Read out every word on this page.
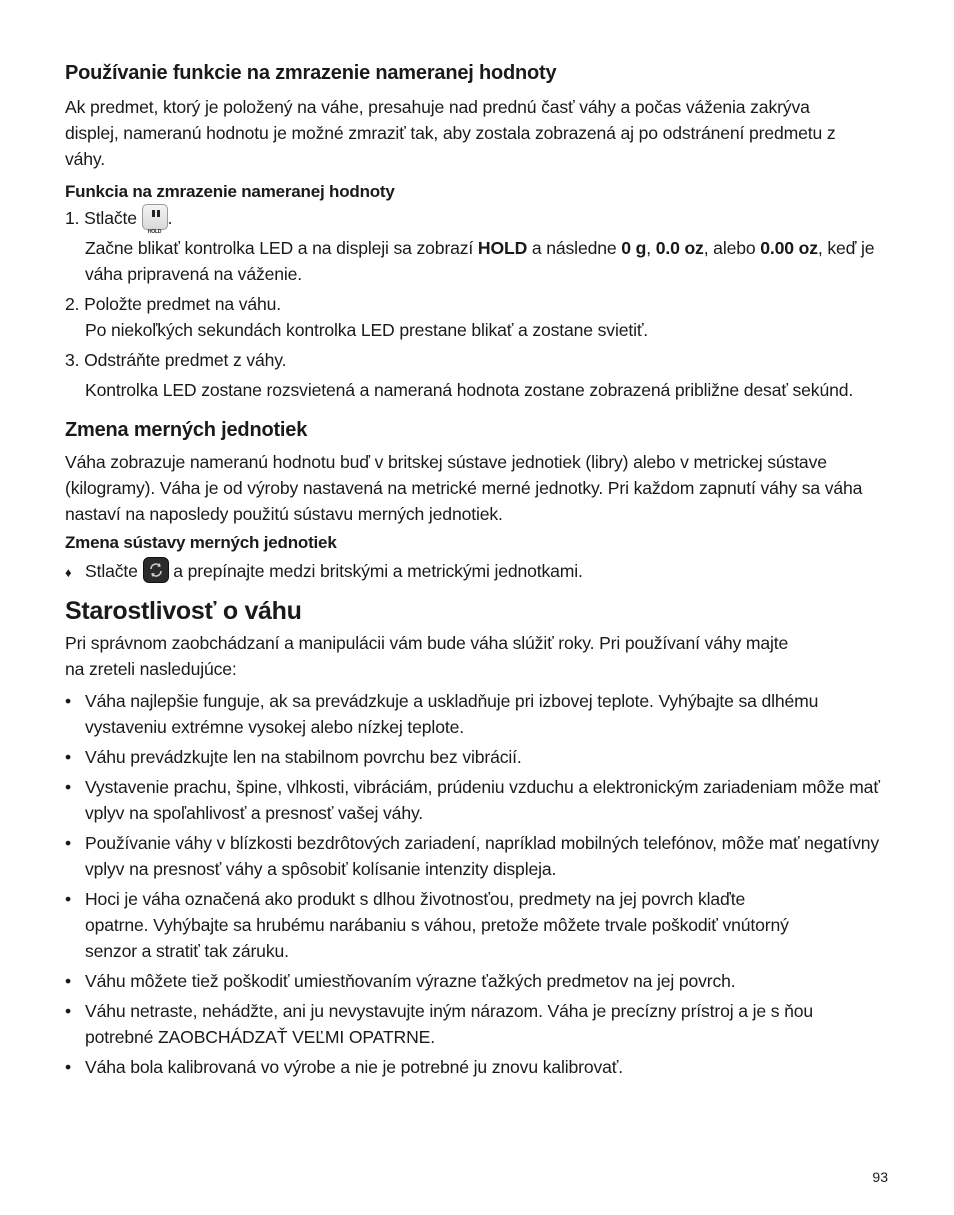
Používanie funkcie na zmrazenie nameranej hodnoty

Ak predmet, ktorý je položený na váhe, presahuje nad prednú časť váhy a počas váženia zakrýva displej, nameranú hodnotu je možné zmraziť tak, aby zostala zobrazená aj po odstránení predmetu z váhy.

Funkcia na zmrazenie nameranej hodnoty
1. Stlačte
HOLD
.
Začne blikať kontrolka LED a na displeji sa zobrazí HOLD a následne 0 g, 0.0 oz, alebo 0.00 oz, keď je váha pripravená na váženie.
2. Položte predmet na váhu.
Po niekoľkých sekundách kontrolka LED prestane blikať a zostane svietiť.
3. Odstráňte predmet z váhy.
Kontrolka LED zostane rozsvietená a nameraná hodnota zostane zobrazená približne desať sekúnd.
Zmena merných jednotiek

Váha zobrazuje nameranú hodnotu buď v britskej sústave jednotiek (libry) alebo v metrickej sústave (kilogramy). Váha je od výroby nastavená na metrické merné jednotky. Pri každom zapnutí váhy sa váha nastaví na naposledy použitú sústavu merných jednotiek.

Zmena sústavy merných jednotiek
♦ Stlačte
a prepínajte medzi britskými a metrickými jednotkami.
Starostlivosť o váhu

Pri správnom zaobchádzaní a manipulácii vám bude váha slúžiť roky. Pri používaní váhy majte na zreteli nasledujúce:

• Váha najlepšie funguje, ak sa prevádzkuje a uskladňuje pri izbovej teplote. Vyhýbajte sa dlhému vystaveniu extrémne vysokej alebo nízkej teplote.
• Váhu prevádzkujte len na stabilnom povrchu bez vibrácií.
• Vystavenie prachu, špine, vlhkosti, vibráciám, prúdeniu vzduchu a elektronickým zariadeniam môže mať vplyv na spoľahlivosť a presnosť vašej váhy.
• Používanie váhy v blízkosti bezdrôtových zariadení, napríklad mobilných telefónov, môže mať negatívny vplyv na presnosť váhy a spôsobiť kolísanie intenzity displeja.
• Hoci je váha označená ako produkt s dlhou životnosťou, predmety na jej povrch klaďte opatrne. Vyhýbajte sa hrubému narábaniu s váhou, pretože môžete trvale poškodiť vnútorný senzor a stratiť tak záruku.
• Váhu môžete tiež poškodiť umiestňovaním výrazne ťažkých predmetov na jej povrch.
• Váhu netraste, nehádžte, ani ju nevystavujte iným nárazom. Váha je precízny prístroj a je s ňou potrebné ZAOBCHÁDZAŤ VEĽMI OPATRNE.
• Váha bola kalibrovaná vo výrobe a nie je potrebné ju znovu kalibrovať.
93
